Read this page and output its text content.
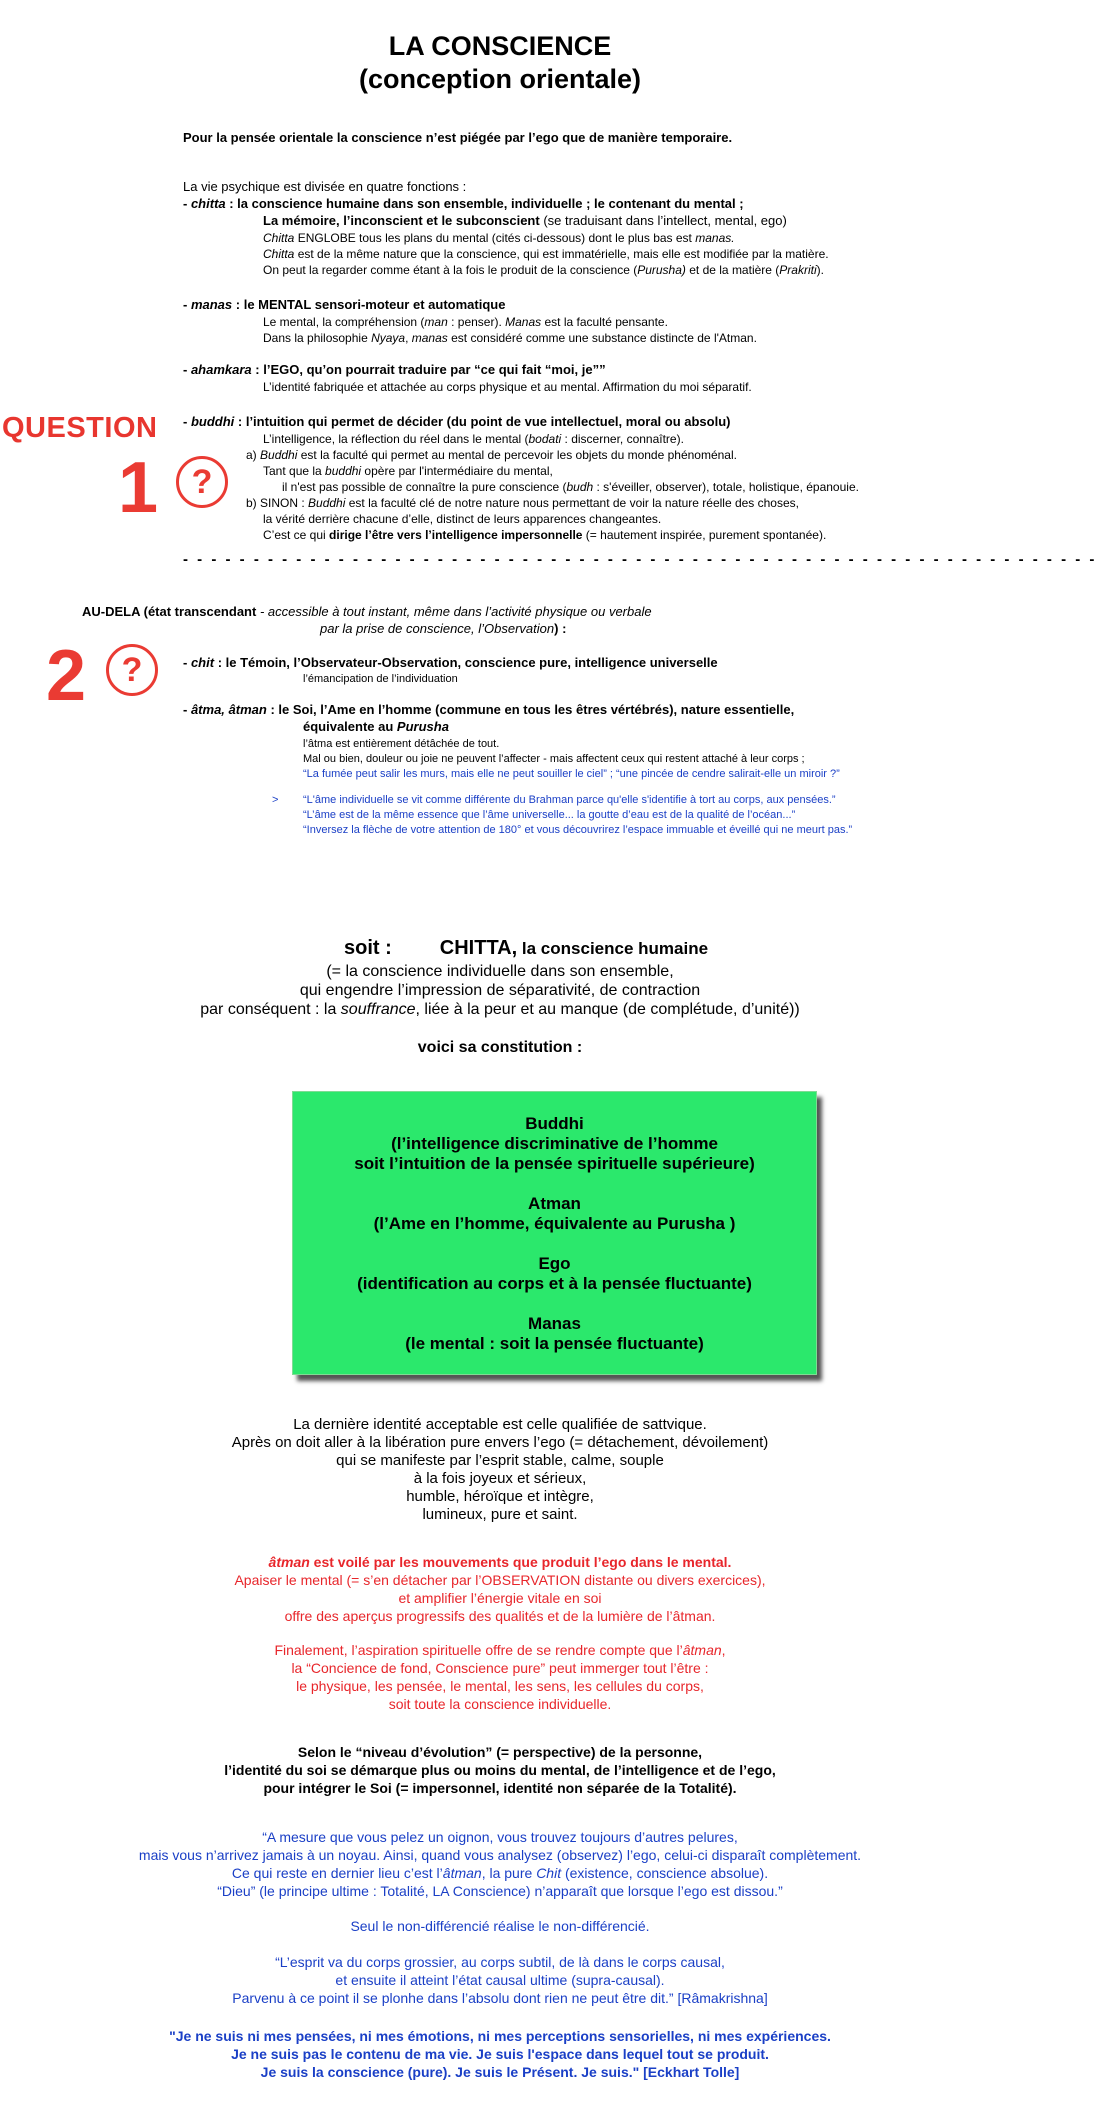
LA CONSCIENCE
(conception orientale)
Pour la pensée orientale la conscience n’est piégée par l’ego que de manière temporaire.
La vie psychique est divisée en quatre fonctions :
- chitta : la conscience humaine dans son ensemble, individuelle ; le contenant du mental ;
La mémoire, l’inconscient et le subconscient (se traduisant dans l’intellect, mental, ego)
Chitta ENGLOBE tous les plans du mental (cités ci-dessous) dont le plus bas est manas.
Chitta est de la même nature que la conscience, qui est immatérielle, mais elle est modifiée par la matière.
On peut la regarder comme étant à la fois le produit de la conscience (Purusha) et de la matière (Prakriti).
- manas : le MENTAL sensori-moteur et automatique
Le mental, la compréhension (man : penser). Manas est la faculté pensante.
Dans la philosophie Nyaya, manas est considéré comme une substance distincte de l'Atman.
- ahamkara : l’EGO, qu’on pourrait traduire par “ce qui fait “moi, je””
L’identité fabriquée et attachée au corps physique et au mental. Affirmation du moi séparatif.
QUESTION
1 ?
- buddhi : l’intuition qui permet de décider (du point de vue intellectuel, moral ou absolu)
L’intelligence, la réflection du réel dans le mental (bodati : discerner, connaître).
a) Buddhi est la faculté qui permet au mental de percevoir les objets du monde phénoménal.
Tant que la buddhi opère par l'intermédiaire du mental,
il n'est pas possible de connaître la pure conscience (budh : s'éveiller, observer), totale, holistique, épanouie.
b) SINON : Buddhi est la faculté clé de notre nature nous permettant de voir la nature réelle des choses,
la vérité derrière chacune d’elle, distinct de leurs apparences changeantes.
C’est ce qui dirige l’être vers l’intelligence impersonnelle (= hautement inspirée, purement spontanée).
- - - - - - - - - - - - - - - - - - - - - - - - - - - - - - - - - - - - - - - - - - - - - - - - - - - - - - - - - - - - - - - - -
AU-DELA (état transcendant - accessible à tout instant, même dans l’activité physique ou verbale
par la prise de conscience, l’Observation) :
2	?	- chit : le Témoin, l’Observateur-Observation, conscience pure, intelligence universelle
l’émancipation de l’individuation
- âtma, âtman : le Soi, l’Ame en l’homme (commune en tous les êtres vértébrés), nature essentielle,
équivalente au Purusha
l’âtma est entièrement détâchée de tout.
Mal ou bien, douleur ou joie ne peuvent l’affecter - mais affectent ceux qui restent attaché à leur corps ;
“La fumée peut salir les murs, mais elle ne peut souiller le ciel” ; “une pincée de cendre salirait-elle un miroir ?”
> “L'âme individuelle se vit comme différente du Brahman parce qu'elle s'identifie à tort au corps, aux pensées.”
“L’âme est de la même essence que l’âme universelle... la goutte d’eau est de la qualité de l’océan...”
“Inversez la flèche de votre attention de 180° et vous découvrirez l’espace immuable et éveillé qui ne meurt pas.”
soit : CHITTA, la conscience humaine
(= la conscience individuelle dans son ensemble,
qui engendre l’impression de séparativité, de contraction
par conséquent : la souffrance, liée à la peur et au manque (de complétude, d’unité))
voici sa constitution :
Buddhi
(l’intelligence discriminative de l’homme
soit l’intuition de la pensée spirituelle supérieure)
Atman
(l’Ame en l’homme, équivalente au Purusha )
Ego
(identification au corps et à la pensée fluctuante)
Manas
(le mental : soit la pensée fluctuante)
La dernière identité acceptable est celle qualifiée de sattvique.
Après on doit aller à la libération pure envers l’ego (= détachement, dévoilement)
qui se manifeste par l’esprit stable, calme, souple
à la fois joyeux et sérieux,
humble, héroïque et intègre,
lumineux, pure et saint.
âtman est voilé par les mouvements que produit l’ego dans le mental.
Apaiser le mental (= s’en détacher par l’OBSERVATION distante ou divers exercices),
et amplifier l’énergie vitale en soi
offre des aperçus progressifs des qualités et de la lumière de l’âtman.
Finalement, l’aspiration spirituelle offre de se rendre compte que l’âtman,
la “Concience de fond, Conscience pure” peut immerger tout l’être :
le physique, les pensée, le mental, les sens, les cellules du corps,
soit toute la conscience individuelle.
Selon le “niveau d’évolution” (= perspective) de la personne,
l’identité du soi se démarque plus ou moins du mental, de l’intelligence et de l’ego,
pour intégrer le Soi (= impersonnel, identité non séparée de la Totalité).
“A mesure que vous pelez un oignon, vous trouvez toujours d’autres pelures,
mais vous n’arrivez jamais à un noyau. Ainsi, quand vous analysez (observez) l’ego, celui-ci disparaît complètement.
Ce qui reste en dernier lieu c’est l’âtman, la pure Chit (existence, conscience absolue).
“Dieu” (le principe ultime : Totalité, LA Conscience) n’apparaît que lorsque l’ego est dissou.”
Seul le non-différencié réalise le non-différencié.
“L’esprit va du corps grossier, au corps subtil, de là dans le corps causal,
et ensuite il atteint l’état causal ultime (supra-causal).
Parvenu à ce point il se plonhe dans l’absolu dont rien ne peut être dit.” [Râmakrishna]
"Je ne suis ni mes pensées, ni mes émotions, ni mes perceptions sensorielles, ni mes expériences.
Je ne suis pas le contenu de ma vie. Je suis l'espace dans lequel tout se produit.
Je suis la conscience (pure). Je suis le Présent. Je suis." [Eckhart Tolle]
